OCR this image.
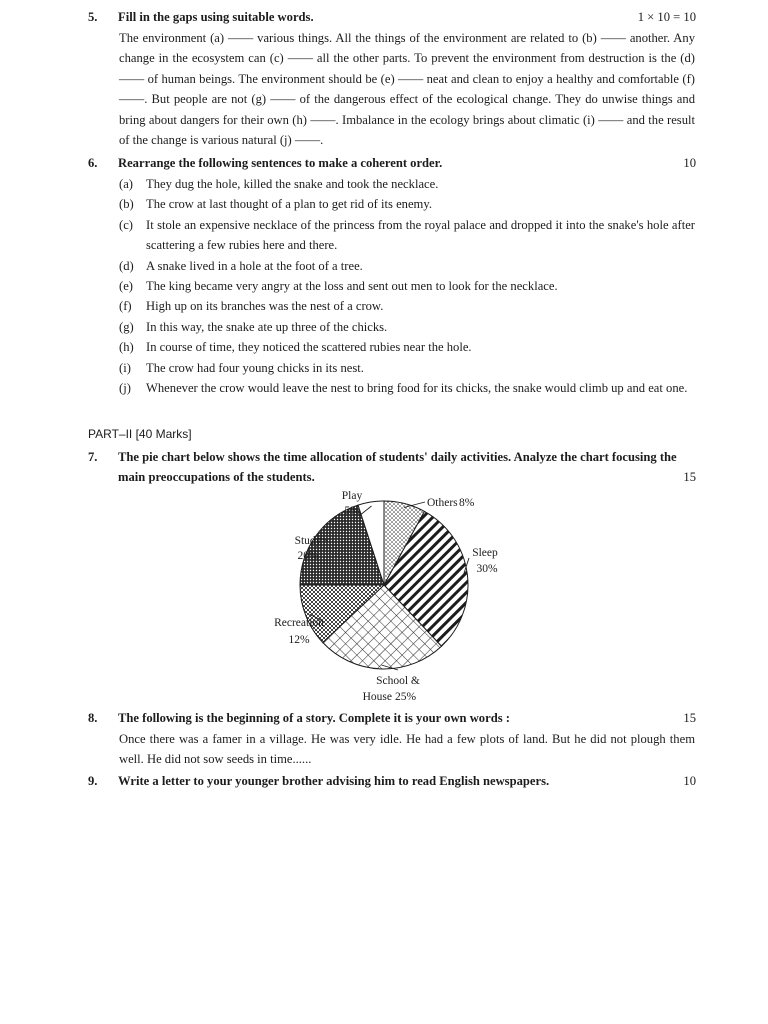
5. Fill in the gaps using suitable words.	1 × 10 = 10
The environment (a) —— various things. All the things of the environment are related to (b) —— another. Any change in the ecosystem can (c) —— all the other parts. To prevent the environment from destruction is the (d) —— of human beings. The environment should be (e) —— neat and clean to enjoy a healthy and comfortable (f) ——. But people are not (g) —— of the dangerous effect of the ecological change. They do unwise things and bring about dangers for their own (h) ——. Imbalance in the ecology brings about climatic (i) —— and the result of the change is various natural (j) ——.
6. Rearrange the following sentences to make a coherent order.	10
(a) They dug the hole, killed the snake and took the necklace.
(b) The crow at last thought of a plan to get rid of its enemy.
(c) It stole an expensive necklace of the princess from the royal palace and dropped it into the snake's hole after scattering a few rubies here and there.
(d) A snake lived in a hole at the foot of a tree.
(e) The king became very angry at the loss and sent out men to look for the necklace.
(f) High up on its branches was the nest of a crow.
(g) In this way, the snake ate up three of the chicks.
(h) In course of time, they noticed the scattered rubies near the hole.
(i) The crow had four young chicks in its nest.
(j) Whenever the crow would leave the nest to bring food for its chicks, the snake would climb up and eat one.
PART–II [40 Marks]
7. The pie chart below shows the time allocation of students' daily activities. Analyze the chart focusing the main preoccupations of the students.	15
Play
5%
Others 8%
Study
20%	Sleep
30%
Recreation
12%
School &
House 25%
8. The following is the beginning of a story. Complete it is your own words :	15
Once there was a famer in a village. He was very idle. He had a few plots of land. But he did not plough them well. He did not sow seeds in time......
9. Write a letter to your younger brother advising him to read English newspapers.	10
